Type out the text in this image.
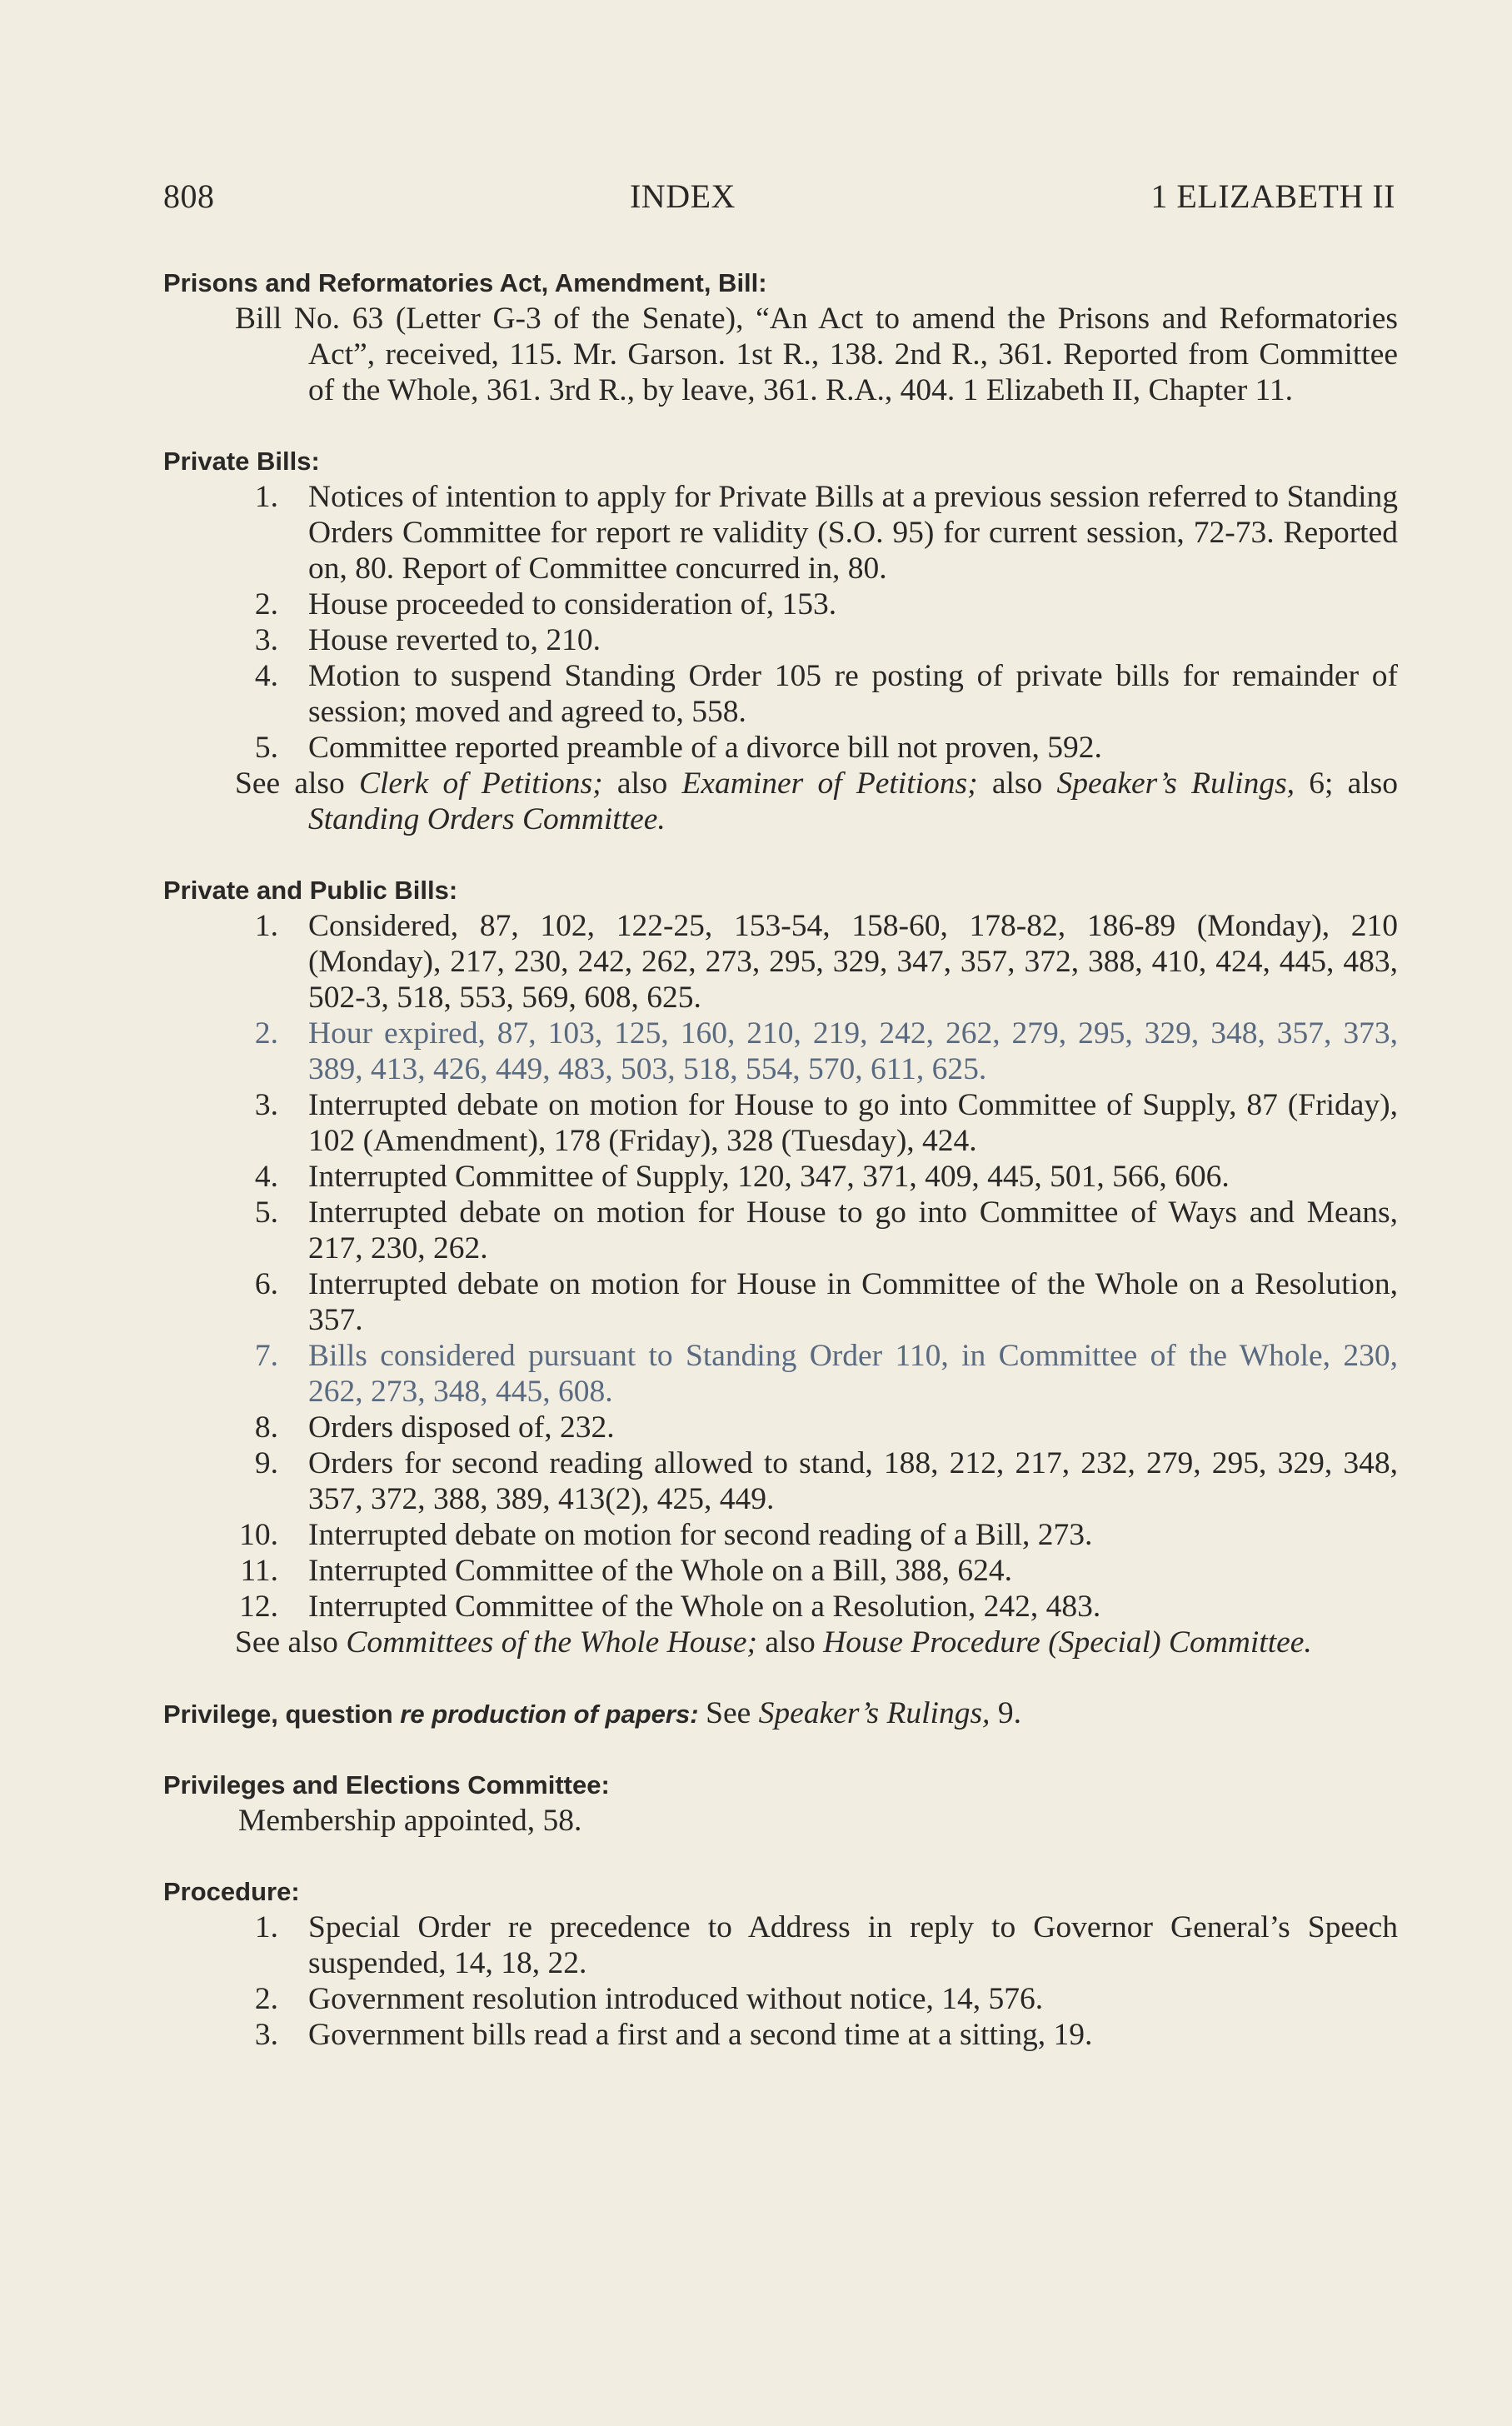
808	INDEX	1 ELIZABETH II
Prisons and Reformatories Act, Amendment, Bill:
Bill No. 63 (Letter G-3 of the Senate), “An Act to amend the Prisons and Reformatories Act”, received, 115. Mr. Garson. 1st R., 138. 2nd R., 361. Reported from Committee of the Whole, 361. 3rd R., by leave, 361. R.A., 404. 1 Elizabeth II, Chapter 11.
Private Bills:
1. Notices of intention to apply for Private Bills at a previous session referred to Standing Orders Committee for report re validity (S.O. 95) for current session, 72-73. Reported on, 80. Report of Committee concurred in, 80.
2. House proceeded to consideration of, 153.
3. House reverted to, 210.
4. Motion to suspend Standing Order 105 re posting of private bills for remainder of session; moved and agreed to, 558.
5. Committee reported preamble of a divorce bill not proven, 592.
See also Clerk of Petitions; also Examiner of Petitions; also Speaker’s Rulings, 6; also Standing Orders Committee.
Private and Public Bills:
1. Considered, 87, 102, 122-25, 153-54, 158-60, 178-82, 186-89 (Monday), 210 (Monday), 217, 230, 242, 262, 273, 295, 329, 347, 357, 372, 388, 410, 424, 445, 483, 502-3, 518, 553, 569, 608, 625.
2. Hour expired, 87, 103, 125, 160, 210, 219, 242, 262, 279, 295, 329, 348, 357, 373, 389, 413, 426, 449, 483, 503, 518, 554, 570, 611, 625.
3. Interrupted debate on motion for House to go into Committee of Supply, 87 (Friday), 102 (Amendment), 178 (Friday), 328 (Tuesday), 424.
4. Interrupted Committee of Supply, 120, 347, 371, 409, 445, 501, 566, 606.
5. Interrupted debate on motion for House to go into Committee of Ways and Means, 217, 230, 262.
6. Interrupted debate on motion for House in Committee of the Whole on a Resolution, 357.
7. Bills considered pursuant to Standing Order 110, in Committee of the Whole, 230, 262, 273, 348, 445, 608.
8. Orders disposed of, 232.
9. Orders for second reading allowed to stand, 188, 212, 217, 232, 279, 295, 329, 348, 357, 372, 388, 389, 413(2), 425, 449.
10. Interrupted debate on motion for second reading of a Bill, 273.
11. Interrupted Committee of the Whole on a Bill, 388, 624.
12. Interrupted Committee of the Whole on a Resolution, 242, 483.
See also Committees of the Whole House; also House Procedure (Special) Committee.
Privilege, question re production of papers: See Speaker’s Rulings, 9.
Privileges and Elections Committee:
Membership appointed, 58.
Procedure:
1. Special Order re precedence to Address in reply to Governor General’s Speech suspended, 14, 18, 22.
2. Government resolution introduced without notice, 14, 576.
3. Government bills read a first and a second time at a sitting, 19.
